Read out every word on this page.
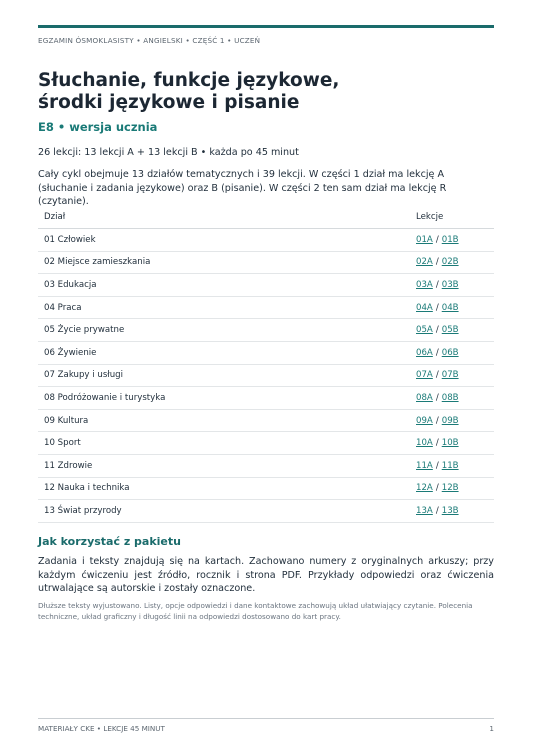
EGZAMIN ÓSMOKLASISTY • ANGIELSKI • CZĘŚĆ 1 • UCZEŃ
Słuchanie, funkcje językowe,
środki językowe i pisanie
E8 • wersja ucznia
26 lekcji: 13 lekcji A + 13 lekcji B • każda po 45 minut

Cały cykl obejmuje 13 działów tematycznych i 39 lekcji. W części 1 dział ma lekcję A (słuchanie i zadania językowe) oraz B (pisanie). W części 2 ten sam dział ma lekcję R (czytanie).

Dział	Lekcje
01 Człowiek	01A / 01B
02 Miejsce zamieszkania	02A / 02B
03 Edukacja	03A / 03B
04 Praca	04A / 04B
05 Życie prywatne	05A / 05B
06 Żywienie	06A / 06B
07 Zakupy i usługi	07A / 07B
08 Podróżowanie i turystyka	08A / 08B
09 Kultura	09A / 09B
10 Sport	10A / 10B
11 Zdrowie	11A / 11B
12 Nauka i technika	12A / 12B
13 Świat przyrody	13A / 13B
Jak korzystać z pakietu

Zadania i teksty znajdują się na kartach. Zachowano numery z oryginalnych arkuszy; przy każdym ćwiczeniu jest źródło, rocznik i strona PDF. Przykłady odpowiedzi oraz ćwiczenia utrwalające są autorskie i zostały oznaczone.

Dłuższe teksty wyjustowano. Listy, opcje odpowiedzi i dane kontaktowe zachowują układ ułatwiający czytanie. Polecenia techniczne, układ graficzny i długość linii na odpowiedzi dostosowano do kart pracy.

MATERIAŁY CKE • LEKCJE 45 MINUT	1
